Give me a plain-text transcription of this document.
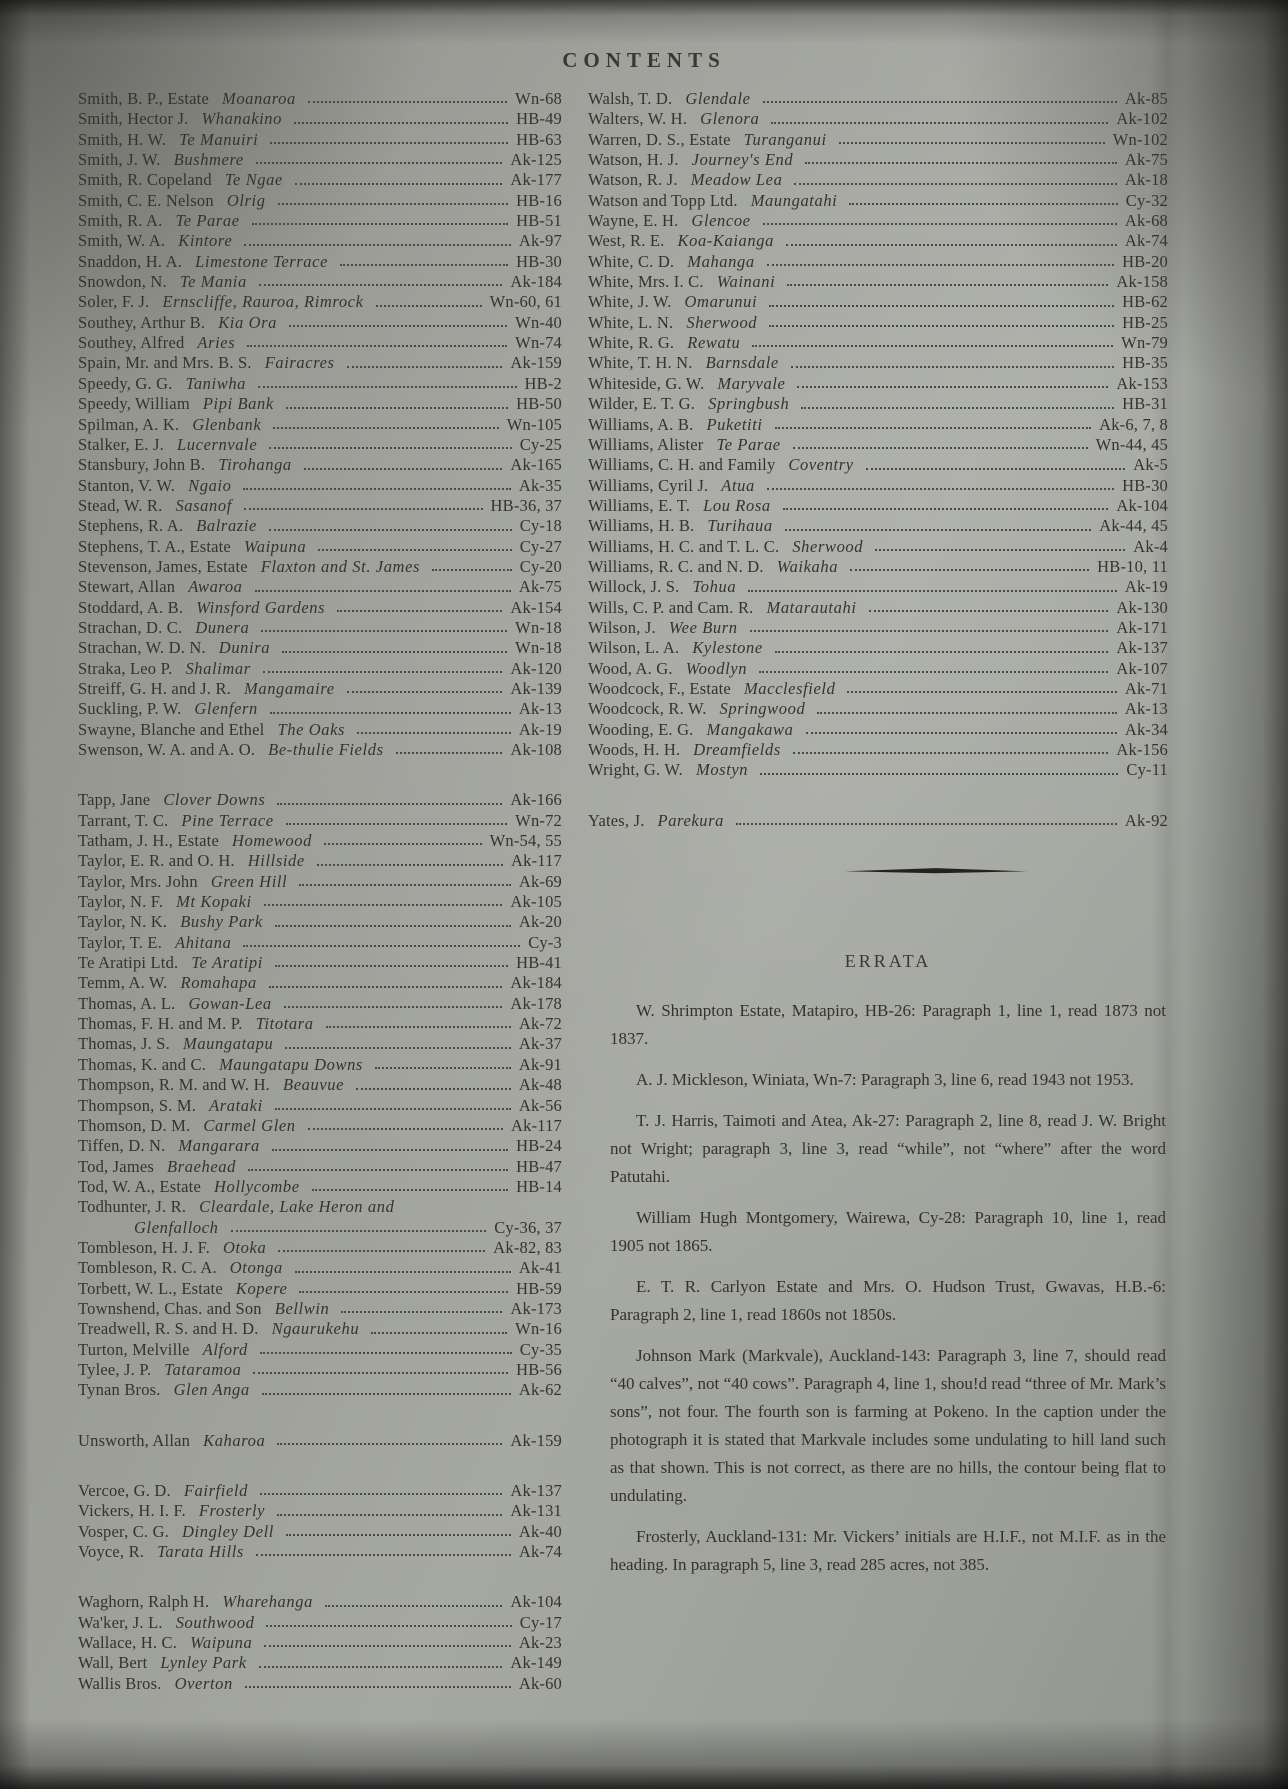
CONTENTS
Smith, B. P., Estate Moanaroa	Wn-68
Smith, Hector J. Whanakino	HB-49
Smith, H. W. Te Manuiri	HB-63
Smith, J. W. Bushmere	Ak-125
Smith, R. Copeland Te Ngae	Ak-177
Smith, C. E. Nelson Olrig	HB-16
Smith, R. A. Te Parae	HB-51
Smith, W. A. Kintore	Ak-97
Snaddon, H. A. Limestone Terrace	HB-30
Snowdon, N. Te Mania	Ak-184
Soler, F. J. Ernscliffe, Rauroa, Rimrock	Wn-60, 61
Southey, Arthur B. Kia Ora	Wn-40
Southey, Alfred Aries	Wn-74
Spain, Mr. and Mrs. B. S. Fairacres	Ak-159
Speedy, G. G. Taniwha	HB-2
Speedy, William Pipi Bank	HB-50
Spilman, A. K. Glenbank	Wn-105
Stalker, E. J. Lucernvale	Cy-25
Stansbury, John B. Tirohanga	Ak-165
Stanton, V. W. Ngaio	Ak-35
Stead, W. R. Sasanof	HB-36, 37
Stephens, R. A. Balrazie	Cy-18
Stephens, T. A., Estate Waipuna	Cy-27
Stevenson, James, Estate Flaxton and St. James	Cy-20
Stewart, Allan Awaroa	Ak-75
Stoddard, A. B. Winsford Gardens	Ak-154
Strachan, D. C. Dunera	Wn-18
Strachan, W. D. N. Dunira	Wn-18
Straka, Leo P. Shalimar	Ak-120
Streiff, G. H. and J. R. Mangamaire	Ak-139
Suckling, P. W. Glenfern	Ak-13
Swayne, Blanche and Ethel The Oaks	Ak-19
Swenson, W. A. and A. O. Be-thulie Fields	Ak-108
Tapp, Jane Clover Downs	Ak-166
Tarrant, T. C. Pine Terrace	Wn-72
Tatham, J. H., Estate Homewood	Wn-54, 55
Taylor, E. R. and O. H. Hillside	Ak-117
Taylor, Mrs. John Green Hill	Ak-69
Taylor, N. F. Mt Kopaki	Ak-105
Taylor, N. K. Bushy Park	Ak-20
Taylor, T. E. Ahitana	Cy-3
Te Aratipi Ltd. Te Aratipi	HB-41
Temm, A. W. Romahapa	Ak-184
Thomas, A. L. Gowan-Lea	Ak-178
Thomas, F. H. and M. P. Titotara	Ak-72
Thomas, J. S. Maungatapu	Ak-37
Thomas, K. and C. Maungatapu Downs	Ak-91
Thompson, R. M. and W. H. Beauvue	Ak-48
Thompson, S. M. Arataki	Ak-56
Thomson, D. M. Carmel Glen	Ak-117
Tiffen, D. N. Mangarara	HB-24
Tod, James Braehead	HB-47
Tod, W. A., Estate Hollycombe	HB-14
Todhunter, J. R. Cleardale, Lake Heron and
Glenfalloch	Cy-36, 37
Tombleson, H. J. F. Otoka	Ak-82, 83
Tombleson, R. C. A. Otonga	Ak-41
Torbett, W. L., Estate Kopere	HB-59
Townshend, Chas. and Son Bellwin	Ak-173
Treadwell, R. S. and H. D. Ngaurukehu	Wn-16
Turton, Melville Alford	Cy-35
Tylee, J. P. Tataramoa	HB-56
Tynan Bros. Glen Anga	Ak-62
Unsworth, Allan Kaharoa	Ak-159
Vercoe, G. D. Fairfield	Ak-137
Vickers, H. I. F. Frosterly	Ak-131
Vosper, C. G. Dingley Dell	Ak-40
Voyce, R. Tarata Hills	Ak-74
Waghorn, Ralph H. Wharehanga	Ak-104
Wa'ker, J. L. Southwood	Cy-17
Wallace, H. C. Waipuna	Ak-23
Wall, Bert Lynley Park	Ak-149
Wallis Bros. Overton	Ak-60
Walsh, T. D. Glendale	Ak-85
Walters, W. H. Glenora	Ak-102
Warren, D. S., Estate Turanganui	Wn-102
Watson, H. J. Journey's End	Ak-75
Watson, R. J. Meadow Lea	Ak-18
Watson and Topp Ltd. Maungatahi	Cy-32
Wayne, E. H. Glencoe	Ak-68
West, R. E. Koa-Kaianga	Ak-74
White, C. D. Mahanga	HB-20
White, Mrs. I. C. Wainani	Ak-158
White, J. W. Omarunui	HB-62
White, L. N. Sherwood	HB-25
White, R. G. Rewatu	Wn-79
White, T. H. N. Barnsdale	HB-35
Whiteside, G. W. Maryvale	Ak-153
Wilder, E. T. G. Springbush	HB-31
Williams, A. B. Puketiti	Ak-6, 7, 8
Williams, Alister Te Parae	Wn-44, 45
Williams, C. H. and Family Coventry	Ak-5
Williams, Cyril J. Atua	HB-30
Williams, E. T. Lou Rosa	Ak-104
Williams, H. B. Turihaua	Ak-44, 45
Williams, H. C. and T. L. C. Sherwood	Ak-4
Williams, R. C. and N. D. Waikaha	HB-10, 11
Willock, J. S. Tohua	Ak-19
Wills, C. P. and Cam. R. Matarautahi	Ak-130
Wilson, J. Wee Burn	Ak-171
Wilson, L. A. Kylestone	Ak-137
Wood, A. G. Woodlyn	Ak-107
Woodcock, F., Estate Macclesfield	Ak-71
Woodcock, R. W. Springwood	Ak-13
Wooding, E. G. Mangakawa	Ak-34
Woods, H. H. Dreamfields	Ak-156
Wright, G. W. Mostyn	Cy-11
Yates, J. Parekura	Ak-92
ERRATA

W. Shrimpton Estate, Matapiro, HB-26: Paragraph 1, line 1, read 1873 not 1837.

A. J. Mickleson, Winiata, Wn-7: Paragraph 3, line 6, read 1943 not 1953.

T. J. Harris, Taimoti and Atea, Ak-27: Paragraph 2, line 8, read J. W. Bright not Wright; paragraph 3, line 3, read “while”, not “where” after the word Patutahi.

William Hugh Montgomery, Wairewa, Cy-28: Paragraph 10, line 1, read 1905 not 1865.

E. T. R. Carlyon Estate and Mrs. O. Hudson Trust, Gwavas, H.B.-6: Paragraph 2, line 1, read 1860s not 1850s.

Johnson Mark (Markvale), Auckland-143: Paragraph 3, line 7, should read “40 calves”, not “40 cows”. Paragraph 4, line 1, shou!d read “three of Mr. Mark’s sons”, not four. The fourth son is farming at Pokeno. In the caption under the photograph it is stated that Markvale includes some undulating to hill land such as that shown. This is not correct, as there are no hills, the contour being flat to undulating.

Frosterly, Auckland-131: Mr. Vickers’ initials are H.I.F., not M.I.F. as in the heading. In paragraph 5, line 3, read 285 acres, not 385.
